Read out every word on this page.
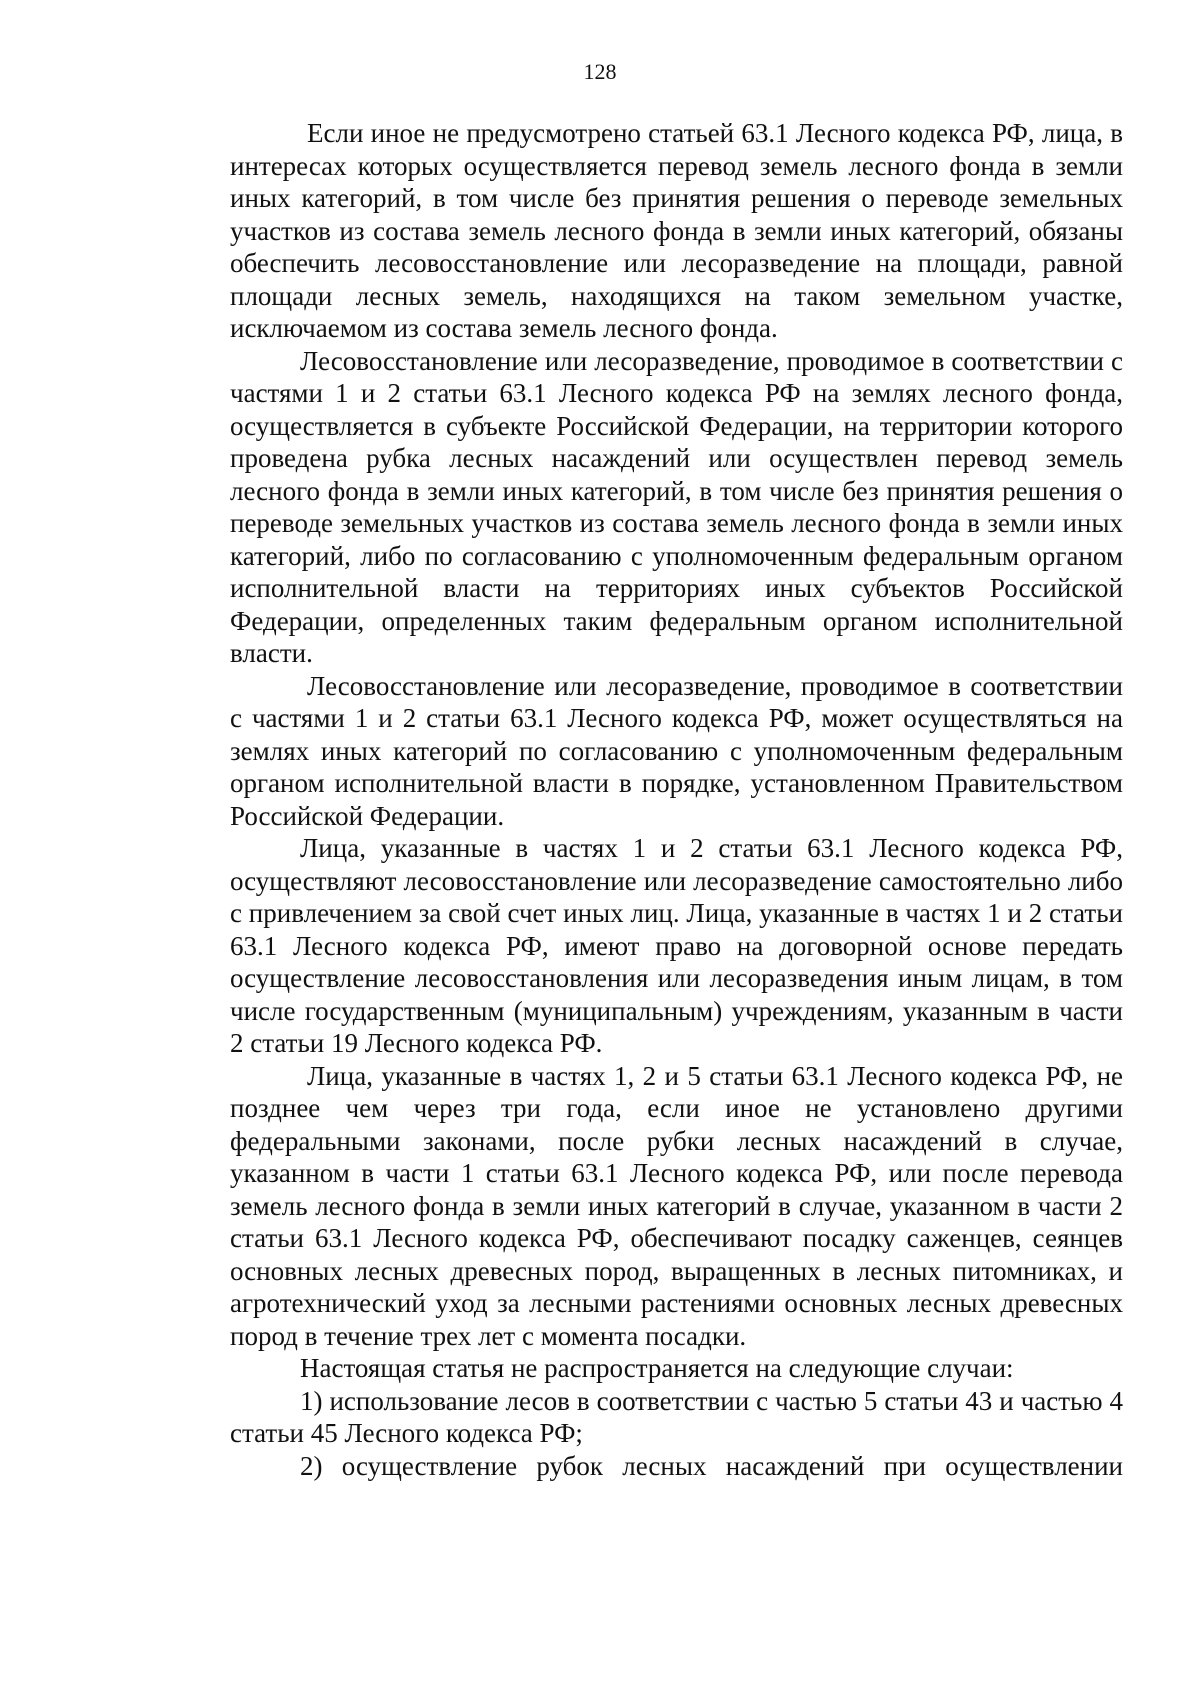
128

Если иное не предусмотрено статьей 63.1 Лесного кодекса РФ, лица, в интересах которых осуществляется перевод земель лесного фонда в земли иных категорий, в том числе без принятия решения о переводе земельных участков из состава земель лесного фонда в земли иных категорий, обязаны обеспечить лесовосстановление или лесоразведение на площади, равной площади лесных земель, находящихся на таком земельном участке, исключаемом из состава земель лесного фонда.

Лесовосстановление или лесоразведение, проводимое в соответствии с частями 1 и 2 статьи 63.1 Лесного кодекса РФ на землях лесного фонда, осуществляется в субъекте Российской Федерации, на территории которого проведена рубка лесных насаждений или осуществлен перевод земель лесного фонда в земли иных категорий, в том числе без принятия решения о переводе земельных участков из состава земель лесного фонда в земли иных категорий, либо по согласованию с уполномоченным федеральным органом исполнительной власти на территориях иных субъектов Российской Федерации, определенных таким федеральным органом исполнительной власти.

Лесовосстановление или лесоразведение, проводимое в соответствии с частями 1 и 2 статьи 63.1 Лесного кодекса РФ, может осуществляться на землях иных категорий по согласованию с уполномоченным федеральным органом исполнительной власти в порядке, установленном Правительством Российской Федерации.

Лица, указанные в частях 1 и 2 статьи 63.1 Лесного кодекса РФ, осуществляют лесовосстановление или лесоразведение самостоятельно либо с привлечением за свой счет иных лиц. Лица, указанные в частях 1 и 2 статьи 63.1 Лесного кодекса РФ, имеют право на договорной основе передать осуществление лесовосстановления или лесоразведения иным лицам, в том числе государственным (муниципальным) учреждениям, указанным в части 2 статьи 19 Лесного кодекса РФ.

Лица, указанные в частях 1, 2 и 5 статьи 63.1 Лесного кодекса РФ, не позднее чем через три года, если иное не установлено другими федеральными законами, после рубки лесных насаждений в случае, указанном в части 1 статьи 63.1 Лесного кодекса РФ, или после перевода земель лесного фонда в земли иных категорий в случае, указанном в части 2 статьи 63.1 Лесного кодекса РФ, обеспечивают посадку саженцев, сеянцев основных лесных древесных пород, выращенных в лесных питомниках, и агротехнический уход за лесными растениями основных лесных древесных пород в течение трех лет с момента посадки.

Настоящая статья не распространяется на следующие случаи:

1) использование лесов в соответствии с частью 5 статьи 43 и частью 4 статьи 45 Лесного кодекса РФ;

2) осуществление рубок лесных насаждений при осуществлении
